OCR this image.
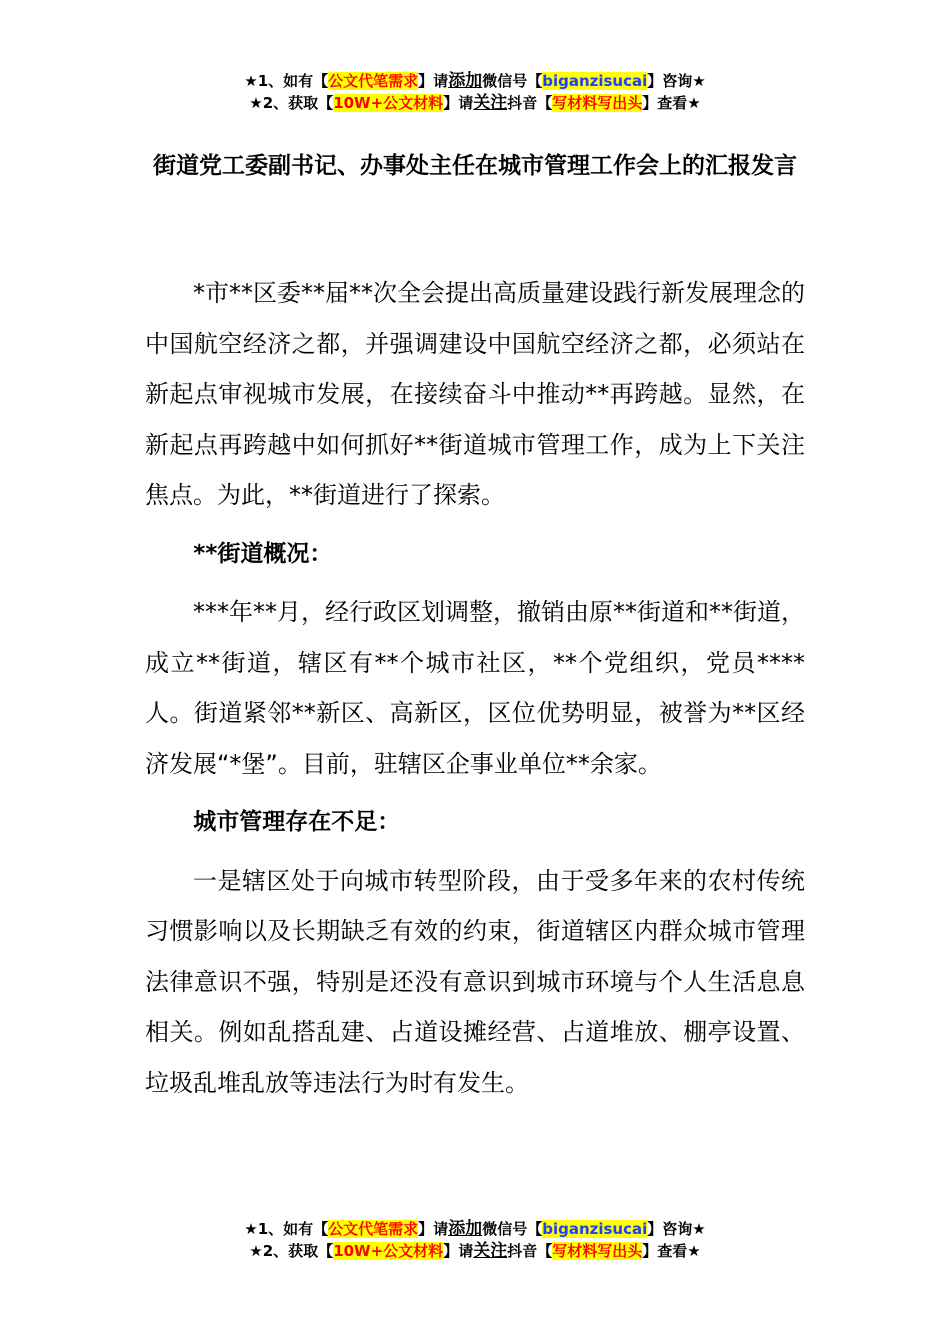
★1、如有【公文代笔需求】请添加微信号【biganzisucai】咨询★
★2、获取【10W+公文材料】请关注抖音【写材料写出头】查看★
街道党工委副书记、办事处主任在城市管理工作会上的汇报发言

*市**区委**届**次全会提出高质量建设践行新发展理念的中国航空经济之都，并强调建设中国航空经济之都，必须站在新起点审视城市发展，在接续奋斗中推动**再跨越。显然，在新起点再跨越中如何抓好**街道城市管理工作，成为上下关注焦点。为此，**街道进行了探索。

**街道概况：

***年**月，经行政区划调整，撤销由原**街道和**街道，成立**街道，辖区有**个城市社区，**个党组织，党员****人。街道紧邻**新区、高新区，区位优势明显，被誉为**区经济发展“*堡”。目前，驻辖区企事业单位**余家。

城市管理存在不足：

一是辖区处于向城市转型阶段，由于受多年来的农村传统习惯影响以及长期缺乏有效的约束，街道辖区内群众城市管理法律意识不强，特别是还没有意识到城市环境与个人生活息息相关。例如乱搭乱建、占道设摊经营、占道堆放、棚亭设置、垃圾乱堆乱放等违法行为时有发生。

★1、如有【公文代笔需求】请添加微信号【biganzisucai】咨询★
★2、获取【10W+公文材料】请关注抖音【写材料写出头】查看★
